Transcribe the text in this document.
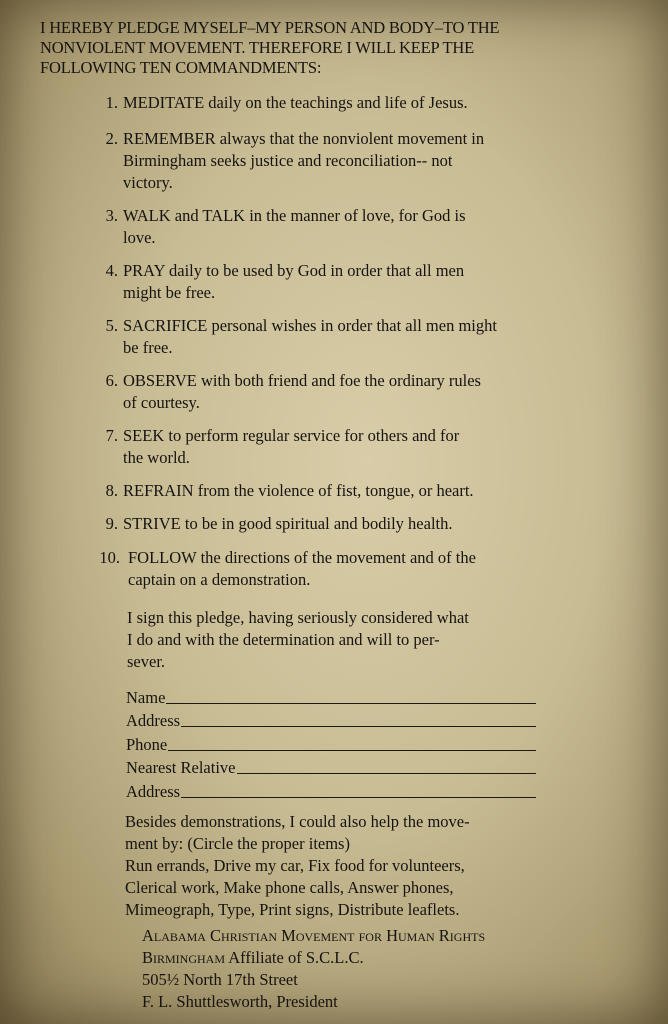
I HEREBY PLEDGE MYSELF–MY PERSON AND BODY–TO THE
NONVIOLENT MOVEMENT. THEREFORE I WILL KEEP THE
FOLLOWING TEN COMMANDMENTS:
1. MEDITATE daily on the teachings and life of Jesus.
2. REMEMBER always that the nonviolent movement in
Birmingham seeks justice and reconciliation-- not
victory.
3. WALK and TALK in the manner of love, for God is
love.
4. PRAY daily to be used by God in order that all men
might be free.
5. SACRIFICE personal wishes in order that all men might
be free.
6. OBSERVE with both friend and foe the ordinary rules
of courtesy.
7. SEEK to perform regular service for others and for
the world.
8. REFRAIN from the violence of fist, tongue, or heart.
9. STRIVE to be in good spiritual and bodily health.
10. FOLLOW the directions of the movement and of the
captain on a demonstration.
I sign this pledge, having seriously considered what
I do and with the determination and will to per-
sever.
Name
Address
Phone
Nearest Relative
Address
Besides demonstrations, I could also help the move-
ment by: (Circle the proper items)
Run errands, Drive my car, Fix food for volunteers,
Clerical work, Make phone calls, Answer phones,
Mimeograph, Type, Print signs, Distribute leaflets.
Alabama Christian Movement for Human Rights
Birmingham Affiliate of S.C.L.C.
505½ North 17th Street
F. L. Shuttlesworth, President
